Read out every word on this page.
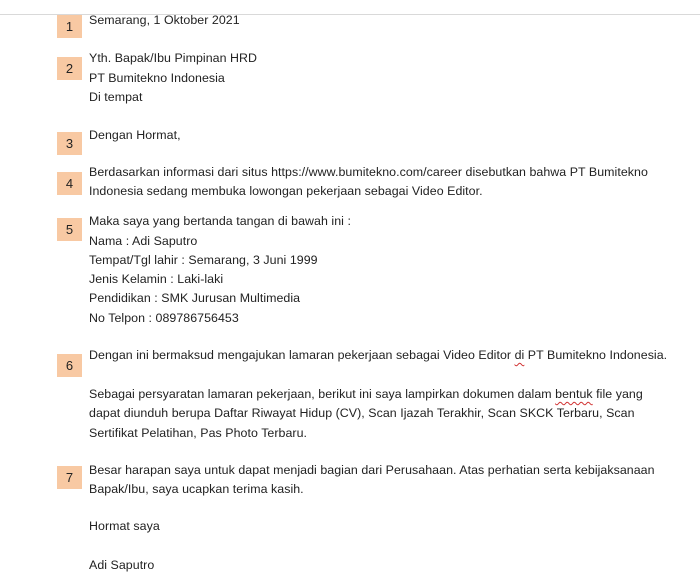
1
2
3
4
5
6
7
Semarang, 1 Oktober 2021
Yth. Bapak/Ibu Pimpinan HRD
PT Bumitekno Indonesia
Di tempat
Dengan Hormat,
Berdasarkan informasi dari situs https://www.bumitekno.com/career disebutkan bahwa PT Bumitekno
Indonesia sedang membuka lowongan pekerjaan sebagai Video Editor.
Maka saya yang bertanda tangan di bawah ini :
Nama : Adi Saputro
Tempat/Tgl lahir : Semarang, 3 Juni 1999
Jenis Kelamin : Laki-laki
Pendidikan : SMK Jurusan Multimedia
No Telpon : 089786756453
Dengan ini bermaksud mengajukan lamaran pekerjaan sebagai Video Editor di PT Bumitekno Indonesia.
Sebagai persyaratan lamaran pekerjaan, berikut ini saya lampirkan dokumen dalam bentuk file yang
dapat diunduh berupa Daftar Riwayat Hidup (CV), Scan Ijazah Terakhir, Scan SKCK Terbaru, Scan
Sertifikat Pelatihan, Pas Photo Terbaru.
Besar harapan saya untuk dapat menjadi bagian dari Perusahaan. Atas perhatian serta kebijaksanaan
Bapak/Ibu, saya ucapkan terima kasih.
Hormat saya
Adi Saputro
